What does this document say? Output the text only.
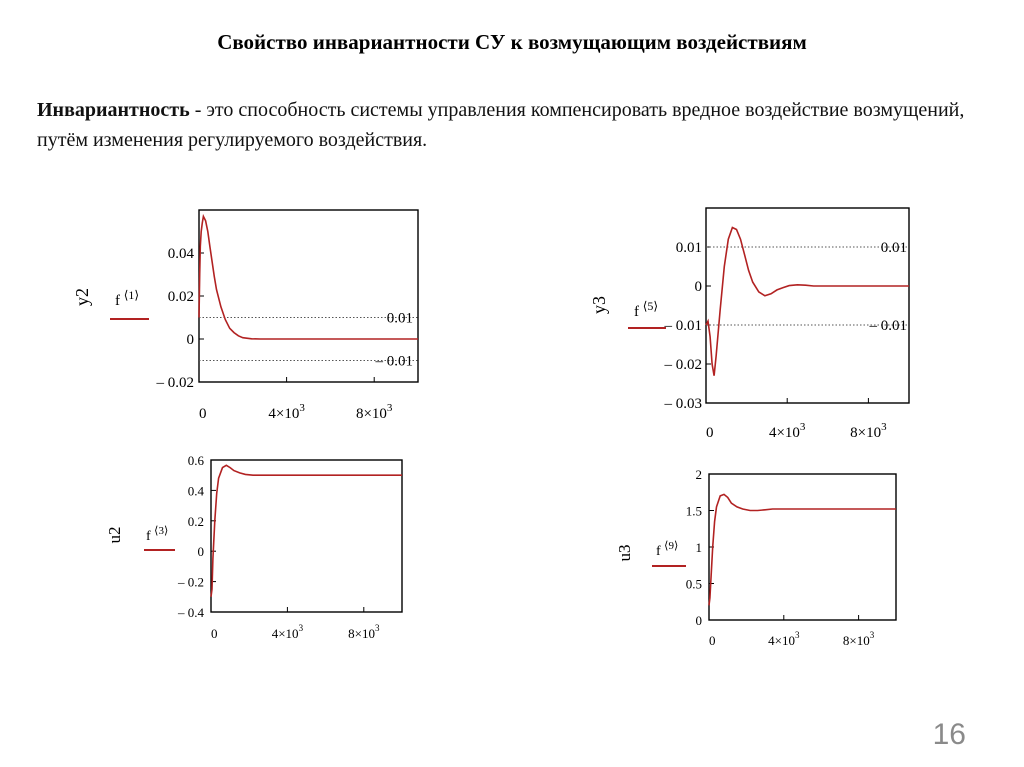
Свойство инвариантности СУ к возмущающим воздействиям
Инвариантность - это способность системы управления компенсировать вредное воздействие возмущений, путём изменения регулируемого воздействия.
0.01
– 0.01
0.04
0.02
0
– 0.02
0	$4\times 10^3$	$8\times 10^3$
y2 f $^{⟨1⟩}$
0.01
– 0.01
0.01
0
– 0.01
– 0.02
– 0.03
0	$4\times 10^3$	$8\times 10^3$
y3 f $^{⟨5⟩}$
0.6
0.4
0.2
0
– 0.2
– 0.4
0	$4\times 10^3$	$8\times 10^3$
u2 f $^{⟨3⟩}$
2
1.5
1
0.5
0
0	$4\times 10^3$	$8\times 10^3$
u3 f $^{⟨9⟩}$
16
